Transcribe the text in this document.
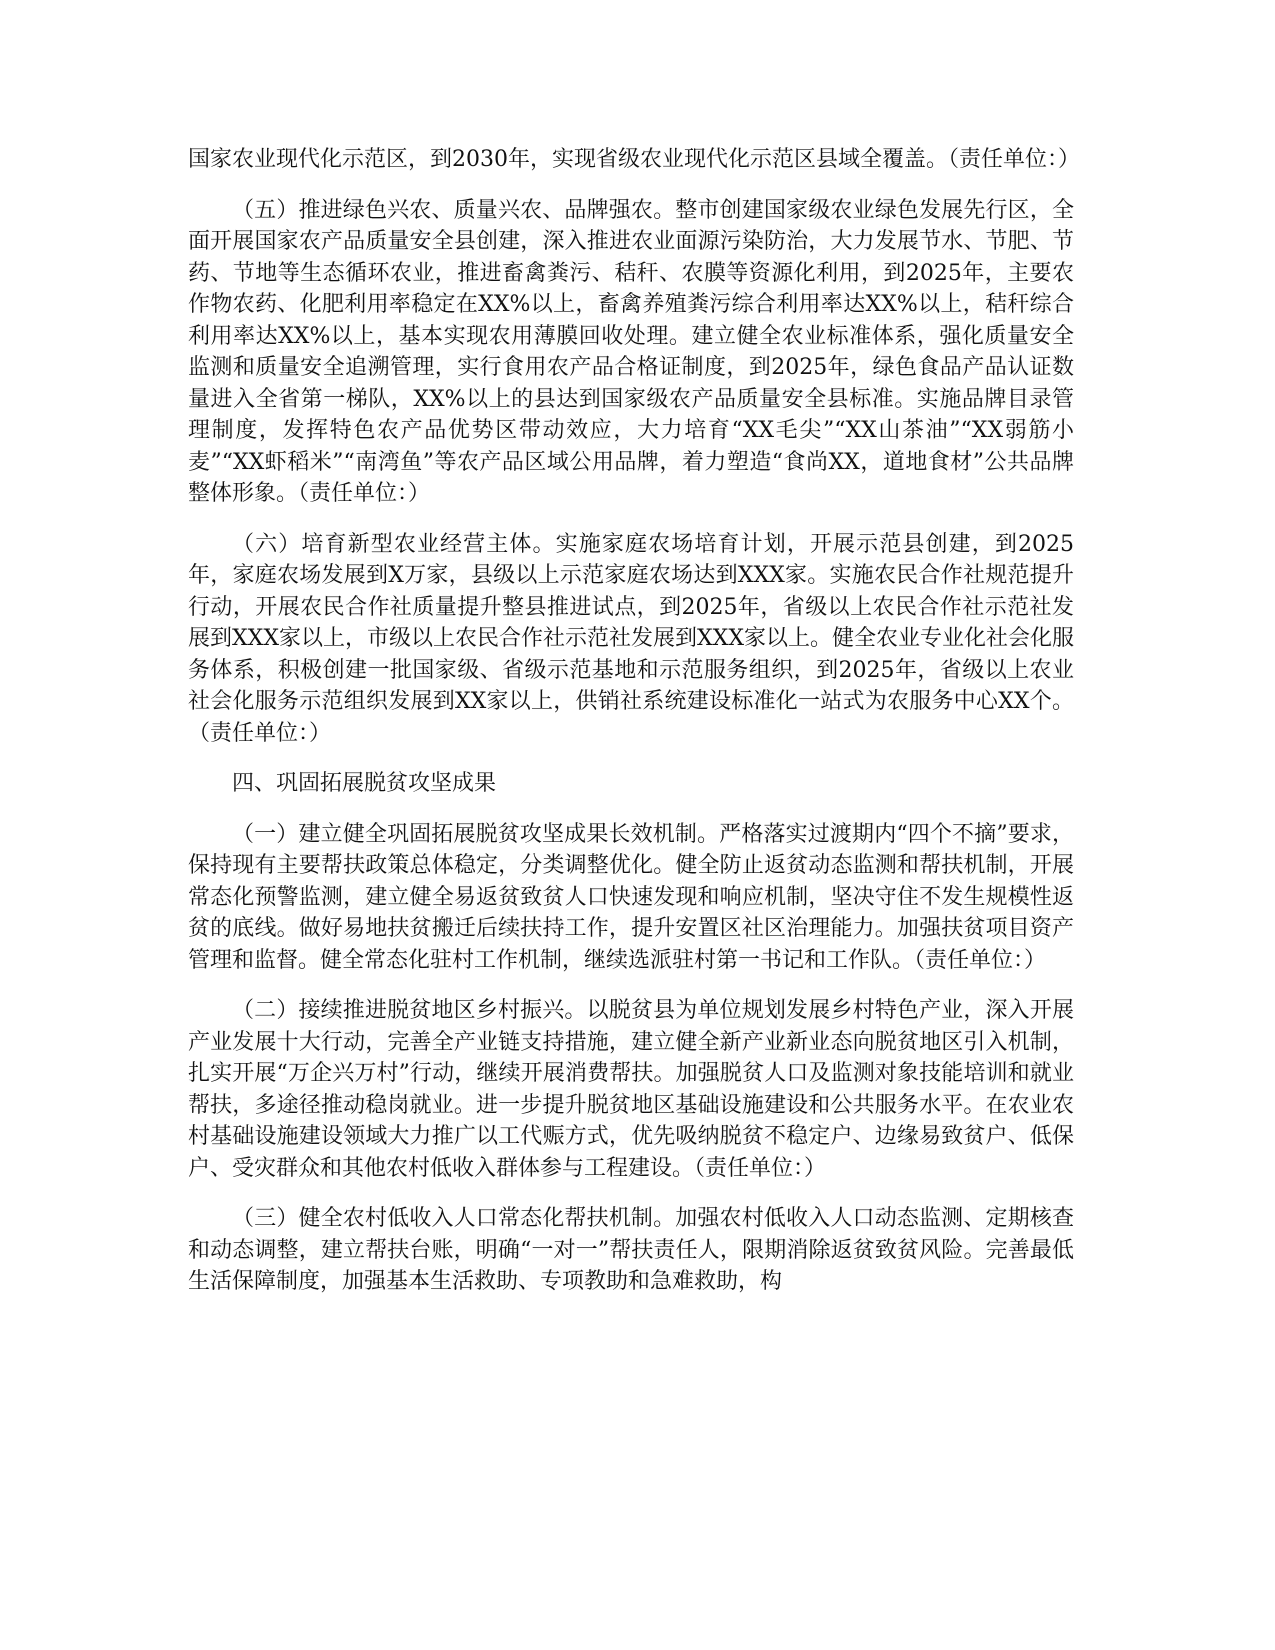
国家农业现代化示范区，到2030年，实现省级农业现代化示范区县域全覆盖。（责任单位：）

（五）推进绿色兴农、质量兴农、品牌强农。整市创建国家级农业绿色发展先行区，全面开展国家农产品质量安全县创建，深入推进农业面源污染防治，大力发展节水、节肥、节药、节地等生态循环农业，推进畜禽粪污、秸秆、农膜等资源化利用，到2025年，主要农作物农药、化肥利用率稳定在XX%以上，畜禽养殖粪污综合利用率达XX%以上，秸秆综合利用率达XX%以上，基本实现农用薄膜回收处理。建立健全农业标准体系，强化质量安全监测和质量安全追溯管理，实行食用农产品合格证制度，到2025年，绿色食品产品认证数量进入全省第一梯队，XX%以上的县达到国家级农产品质量安全县标准。实施品牌目录管理制度，发挥特色农产品优势区带动效应，大力培育“XX毛尖”“XX山茶油”“XX弱筋小麦”“XX虾稻米”“南湾鱼”等农产品区域公用品牌，着力塑造“食尚XX，道地食材”公共品牌整体形象。（责任单位：）

（六）培育新型农业经营主体。实施家庭农场培育计划，开展示范县创建，到2025年，家庭农场发展到X万家，县级以上示范家庭农场达到XXX家。实施农民合作社规范提升行动，开展农民合作社质量提升整县推进试点，到2025年，省级以上农民合作社示范社发展到XXX家以上，市级以上农民合作社示范社发展到XXX家以上。健全农业专业化社会化服务体系，积极创建一批国家级、省级示范基地和示范服务组织，到2025年，省级以上农业社会化服务示范组织发展到XX家以上，供销社系统建设标准化一站式为农服务中心XX个。（责任单位：）

四、巩固拓展脱贫攻坚成果

（一）建立健全巩固拓展脱贫攻坚成果长效机制。严格落实过渡期内“四个不摘”要求，保持现有主要帮扶政策总体稳定，分类调整优化。健全防止返贫动态监测和帮扶机制，开展常态化预警监测，建立健全易返贫致贫人口快速发现和响应机制，坚决守住不发生规模性返贫的底线。做好易地扶贫搬迁后续扶持工作，提升安置区社区治理能力。加强扶贫项目资产管理和监督。健全常态化驻村工作机制，继续选派驻村第一书记和工作队。（责任单位：）

（二）接续推进脱贫地区乡村振兴。以脱贫县为单位规划发展乡村特色产业，深入开展产业发展十大行动，完善全产业链支持措施，建立健全新产业新业态向脱贫地区引入机制，扎实开展“万企兴万村”行动，继续开展消费帮扶。加强脱贫人口及监测对象技能培训和就业帮扶，多途径推动稳岗就业。进一步提升脱贫地区基础设施建设和公共服务水平。在农业农村基础设施建设领域大力推广以工代赈方式，优先吸纳脱贫不稳定户、边缘易致贫户、低保户、受灾群众和其他农村低收入群体参与工程建设。（责任单位：）

（三）健全农村低收入人口常态化帮扶机制。加强农村低收入人口动态监测、定期核查和动态调整，建立帮扶台账，明确“一对一”帮扶责任人，限期消除返贫致贫风险。完善最低生活保障制度，加强基本生活救助、专项教助和急难救助，构
